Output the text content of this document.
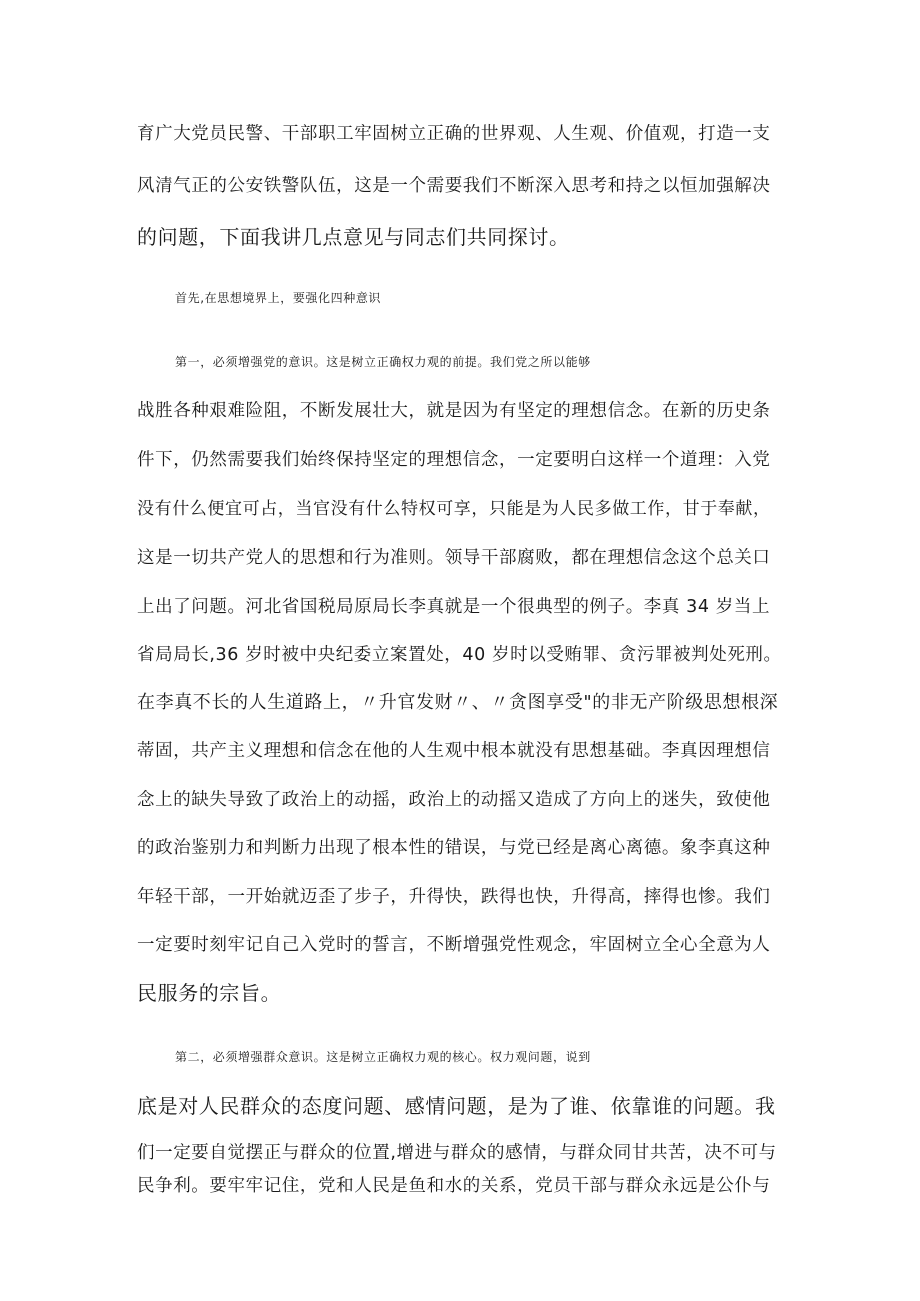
育广大党员民警、干部职工牢固树立正确的世界观、人生观、价值观，打造一支
风清气正的公安铁警队伍，这是一个需要我们不断深入思考和持之以恒加强解决
的问题，下面我讲几点意见与同志们共同探讨。
首先,在思想境界上，要强化四种意识
第一，必须增强党的意识。这是树立正确权力观的前提。我们党之所以能够
战胜各种艰难险阻，不断发展壮大，就是因为有坚定的理想信念。在新的历史条
件下，仍然需要我们始终保持坚定的理想信念，一定要明白这样一个道理：入党
没有什么便宜可占，当官没有什么特权可享，只能是为人民多做工作，甘于奉献，
这是一切共产党人的思想和行为准则。领导干部腐败，都在理想信念这个总关口
上出了问题。河北省国税局原局长李真就是一个很典型的例子。李真 34 岁当上
省局局长,36 岁时被中央纪委立案置处，40 岁时以受贿罪、贪污罪被判处死刑。
在李真不长的人生道路上，〃升官发财〃、〃贪图享受"的非无产阶级思想根深
蒂固，共产主义理想和信念在他的人生观中根本就没有思想基础。李真因理想信
念上的缺失导致了政治上的动摇，政治上的动摇又造成了方向上的迷失，致使他
的政治鉴别力和判断力出现了根本性的错误，与党已经是离心离德。象李真这种
年轻干部，一开始就迈歪了步子，升得快，跌得也快，升得高，摔得也惨。我们
一定要时刻牢记自己入党时的誓言，不断增强党性观念，牢固树立全心全意为人
民服务的宗旨。
第二，必须增强群众意识。这是树立正确权力观的核心。权力观问题，说到
底是对人民群众的态度问题、感情问题，是为了谁、依靠谁的问题。我
们一定要自觉摆正与群众的位置,增进与群众的感情，与群众同甘共苦，决不可与
民争利。要牢牢记住，党和人民是鱼和水的关系，党员干部与群众永远是公仆与
